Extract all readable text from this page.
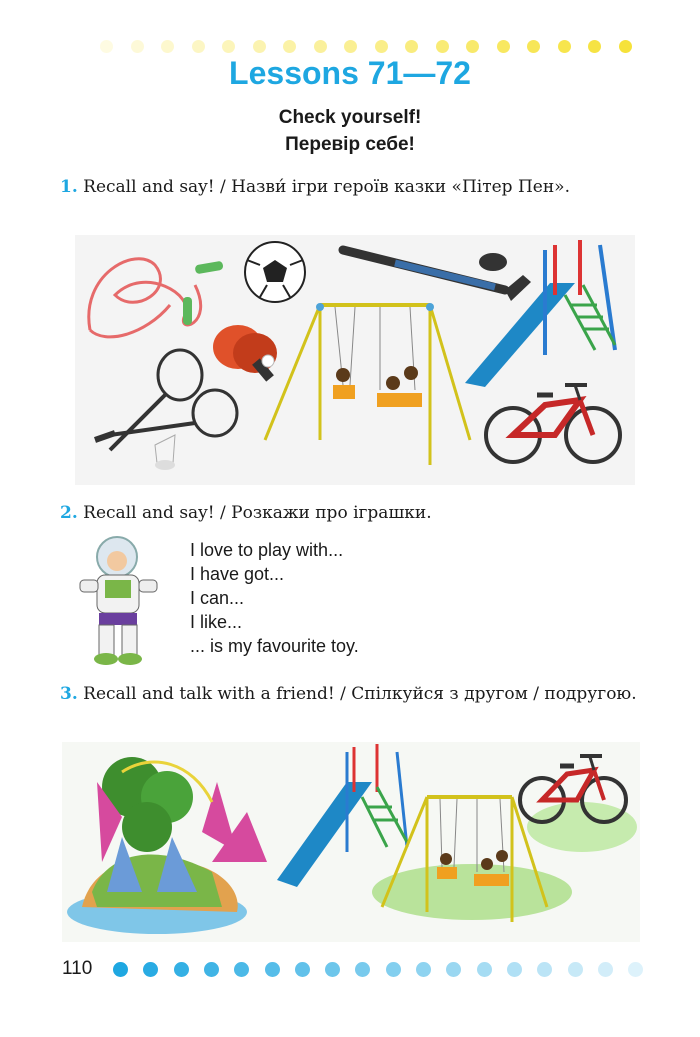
Lessons 71—72
Check yourself!
Перевір себе!
1. Recall and say! / Назви́ ігри героїв казки «Пітер Пен».
2. Recall and say! / Розкажи про іграшки.
I love to play with...
I have got...
I can...
I like...
... is my favourite toy.
3. Recall and talk with a friend! / Спілкуйся з другом / подругою.
110
